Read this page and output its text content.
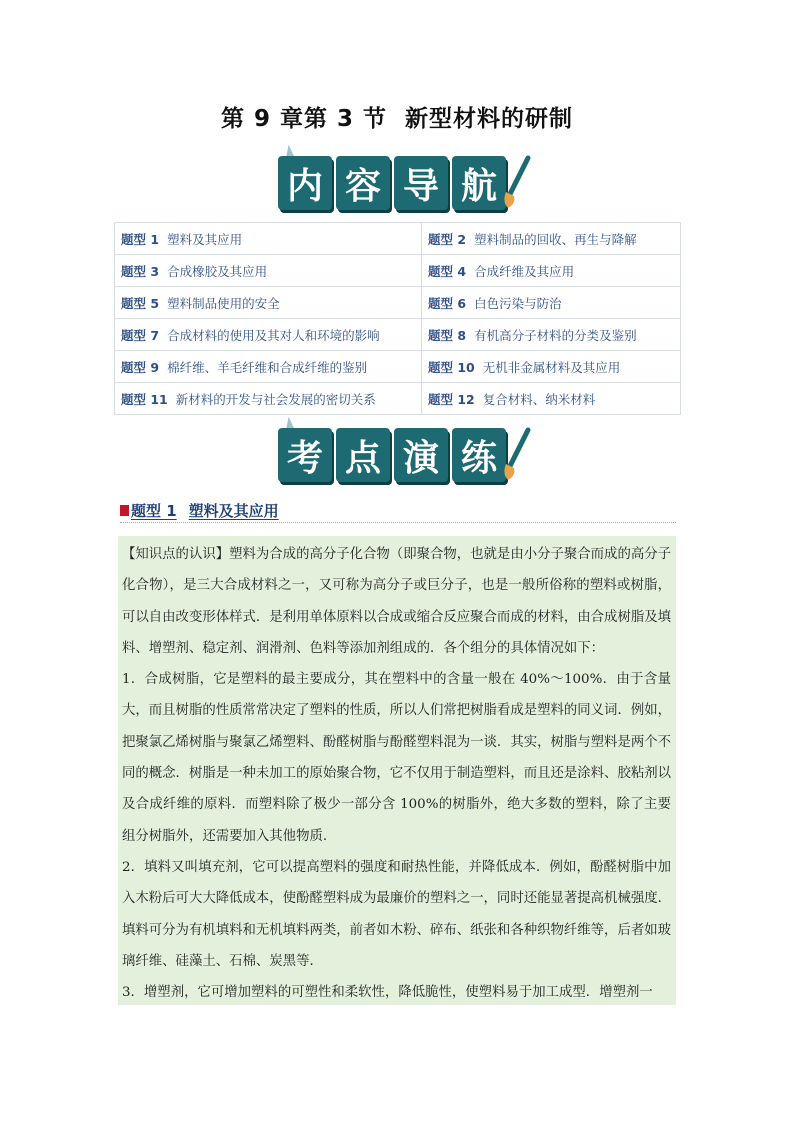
第 9 章第 3 节 新型材料的研制
内 容 导 航
题型 1 塑料及其应用	题型 2 塑料制品的回收、再生与降解
题型 3 合成橡胶及其应用	题型 4 合成纤维及其应用
题型 5 塑料制品使用的安全	题型 6 白色污染与防治
题型 7 合成材料的使用及其对人和环境的影响	题型 8 有机高分子材料的分类及鉴别
题型 9 棉纤维、羊毛纤维和合成纤维的鉴别	题型 10 无机非金属材料及其应用
题型 11 新材料的开发与社会发展的密切关系	题型 12 复合材料、纳米材料
考 点 演 练
题型 1 塑料及其应用

【知识点的认识】塑料为合成的高分子化合物（即聚合物，也就是由小分子聚合而成的高分子化合物），是三大合成材料之一，又可称为高分子或巨分子，也是一般所俗称的塑料或树脂，可以自由改变形体样式．是利用单体原料以合成或缩合反应聚合而成的材料，由合成树脂及填料、增塑剂、稳定剂、润滑剂、色料等添加剂组成的．各个组分的具体情况如下：

1．合成树脂，它是塑料的最主要成分，其在塑料中的含量一般在 40%～100%．由于含量大，而且树脂的性质常常决定了塑料的性质，所以人们常把树脂看成是塑料的同义词．例如，把聚氯乙烯树脂与聚氯乙烯塑料、酚醛树脂与酚醛塑料混为一谈．其实，树脂与塑料是两个不同的概念．树脂是一种未加工的原始聚合物，它不仅用于制造塑料，而且还是涂料、胶粘剂以及合成纤维的原料．而塑料除了极少一部分含 100%的树脂外，绝大多数的塑料，除了主要组分树脂外，还需要加入其他物质．

2．填料又叫填充剂，它可以提高塑料的强度和耐热性能，并降低成本．例如，酚醛树脂中加入木粉后可大大降低成本，使酚醛塑料成为最廉价的塑料之一，同时还能显著提高机械强度．填料可分为有机填料和无机填料两类，前者如木粉、碎布、纸张和各种织物纤维等，后者如玻璃纤维、硅藻土、石棉、炭黑等．

3．增塑剂，它可增加塑料的可塑性和柔软性，降低脆性，使塑料易于加工成型．增塑剂一
